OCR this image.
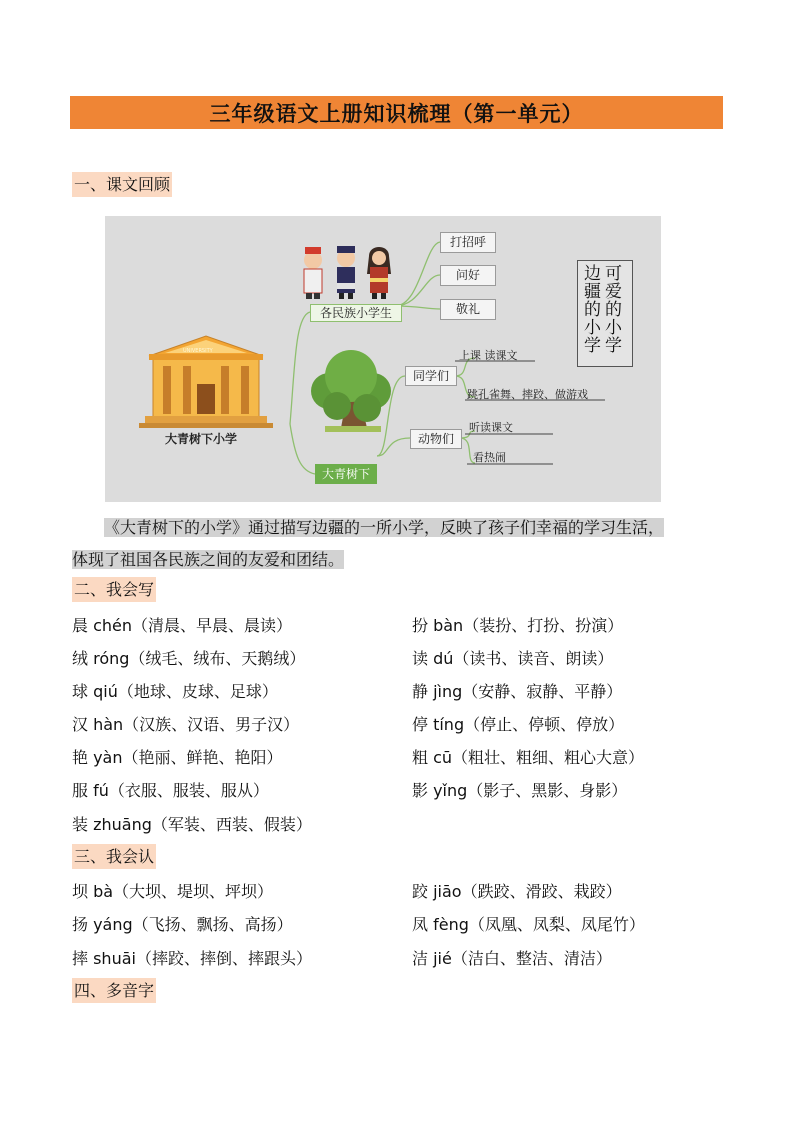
三年级语文上册知识梳理（第一单元）
一、课文回顾
各民族小学生
打招呼
问好
敬礼
大青树下
同学们
动物们
上课 读课文
跳孔雀舞、摔跤、做游戏
听读课文
看热闹
大青树下小学
UNIVERSITY	可爱的小学
边疆的小学
《大青树下的小学》通过描写边疆的一所小学，反映了孩子们幸福的学习生活，
体现了祖国各民族之间的友爱和团结。
二、我会写
晨 chén（清晨、早晨、晨读）
绒 róng（绒毛、绒布、天鹅绒）
球 qiú（地球、皮球、足球）
汉 hàn（汉族、汉语、男子汉）
艳 yàn（艳丽、鲜艳、艳阳）
服 fú（衣服、服装、服从）
装 zhuāng（军装、西装、假装）
扮 bàn（装扮、打扮、扮演）
读 dú（读书、读音、朗读）
静 jìng（安静、寂静、平静）
停 tíng（停止、停顿、停放）
粗 cū（粗壮、粗细、粗心大意）
影 yǐng（影子、黑影、身影）
三、我会认
坝 bà（大坝、堤坝、坪坝）
扬 yáng（飞扬、飘扬、高扬）
摔 shuāi（摔跤、摔倒、摔跟头）
跤 jiāo（跌跤、滑跤、栽跤）
凤 fèng（凤凰、凤梨、凤尾竹）
洁 jié（洁白、整洁、清洁）
四、多音字
